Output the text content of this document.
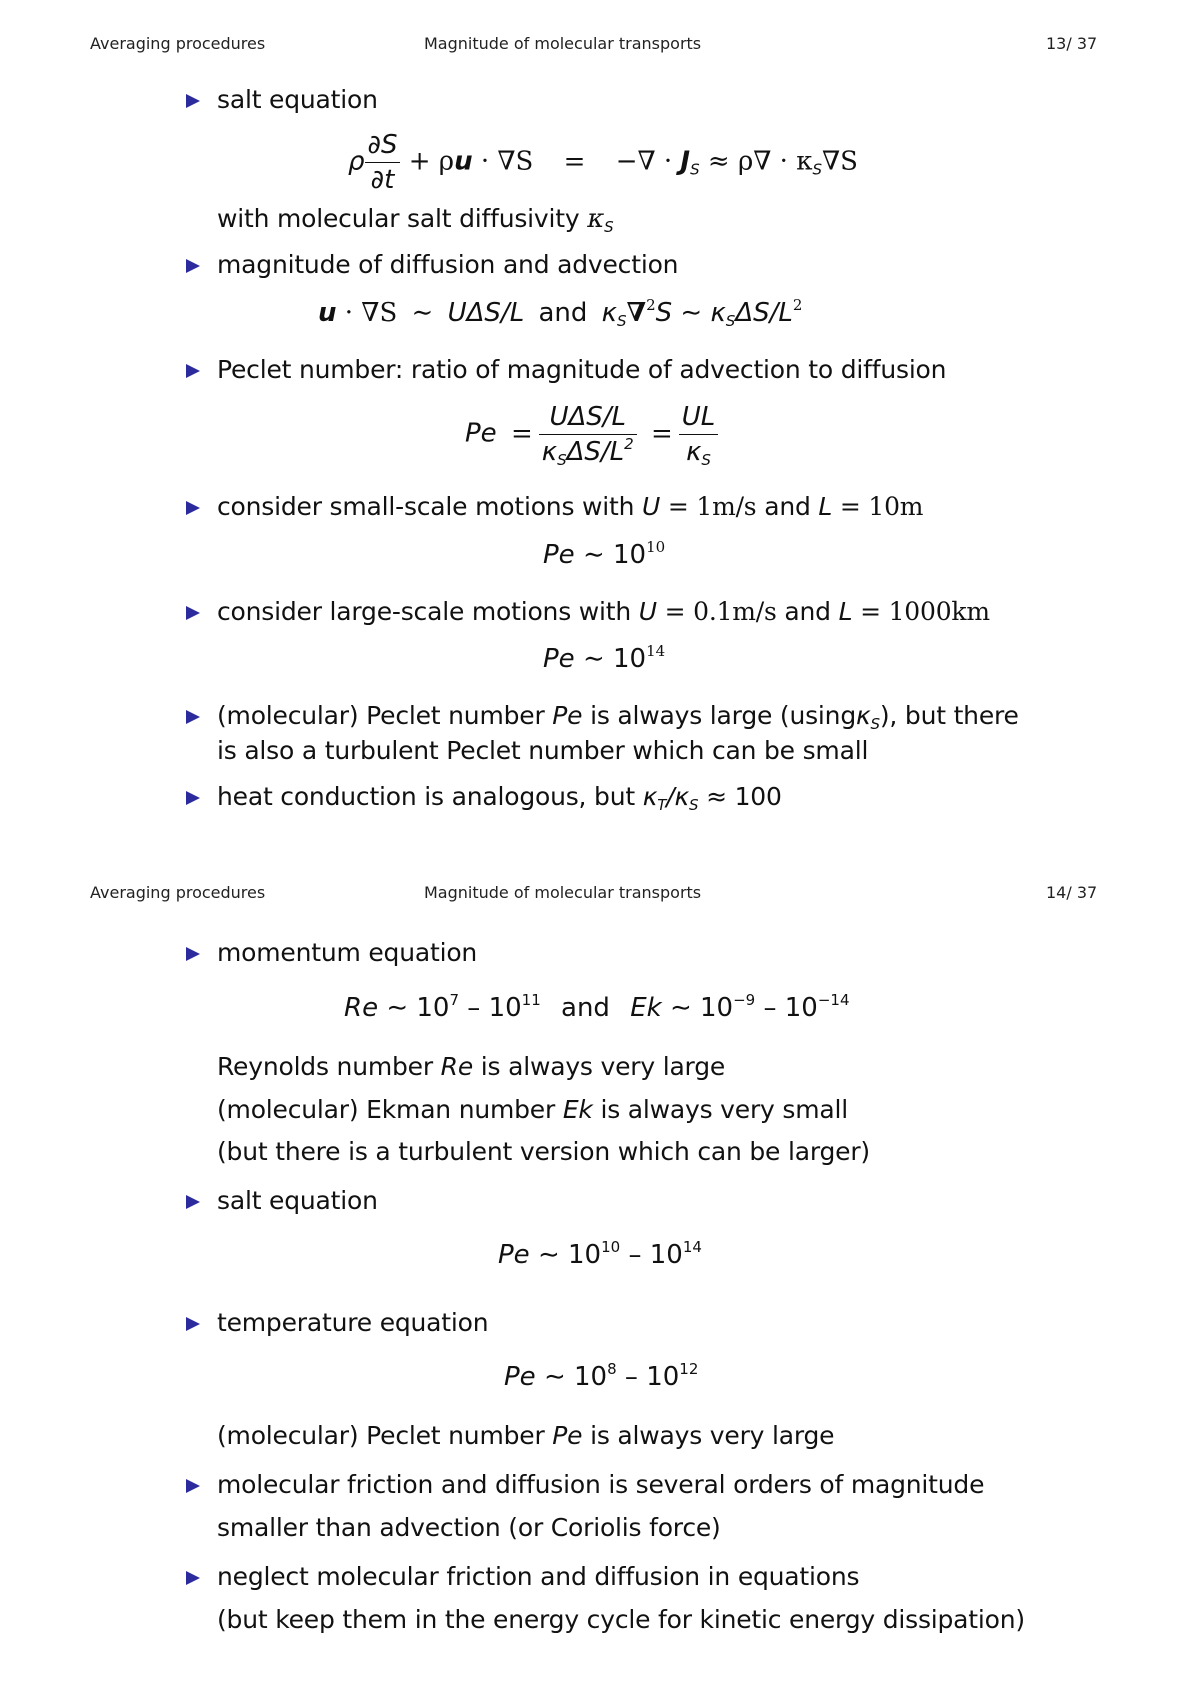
Averaging procedures	Magnitude of molecular transports	13/ 37
salt equation
ρ $\frac{\partial S}{\partial t} + \rho u \cdot \nabla S$ = −∇ · $J_S \approx \rho\nabla \cdot \kappa_S\nabla S$
with molecular salt diffusivity $\kappa_S$
magnitude of diffusion and advection
u · ∇S ∼ UΔS/L and $\kappa_S\nabla^2S$ ∼ $\kappa_S\Delta S/L^2$
Peclet number: ratio of magnitude of advection to diffusion
$Pe = \frac{\text{UΔS/L}}{\kappa_S\Delta S/L^2} = \frac{UL}{\kappa_S}$
consider small-scale motions with U = 1m/s and L = 10m
Pe ∼ $10^{10}$
consider large-scale motions with U = 0.1m/s and L = 1000km
Pe ∼ $10^{14}$
(molecular) Peclet number Pe is always large (usingκ$_S$), but there
is also a turbulent Peclet number which can be small
heat conduction is analogous, but $\kappa_T/\kappa_S \approx 100$
Averaging procedures	Magnitude of molecular transports	14/ 37
momentum equation
Re ∼ $10^7 - 10^{11}$ and Ek ∼ $10^{-9} - 10^{-14}$
Reynolds number Re is always very large
(molecular) Ekman number Ek is always very small
(but there is a turbulent version which can be larger)
salt equation
Pe ∼ $10^{10} - 10^{14}$
temperature equation
Pe ∼ $10^8 - 10^{12}$
(molecular) Peclet number Pe is always very large
molecular friction and diffusion is several orders of magnitude
smaller than advection (or Coriolis force)
neglect molecular friction and diffusion in equations
(but keep them in the energy cycle for kinetic energy dissipation)
